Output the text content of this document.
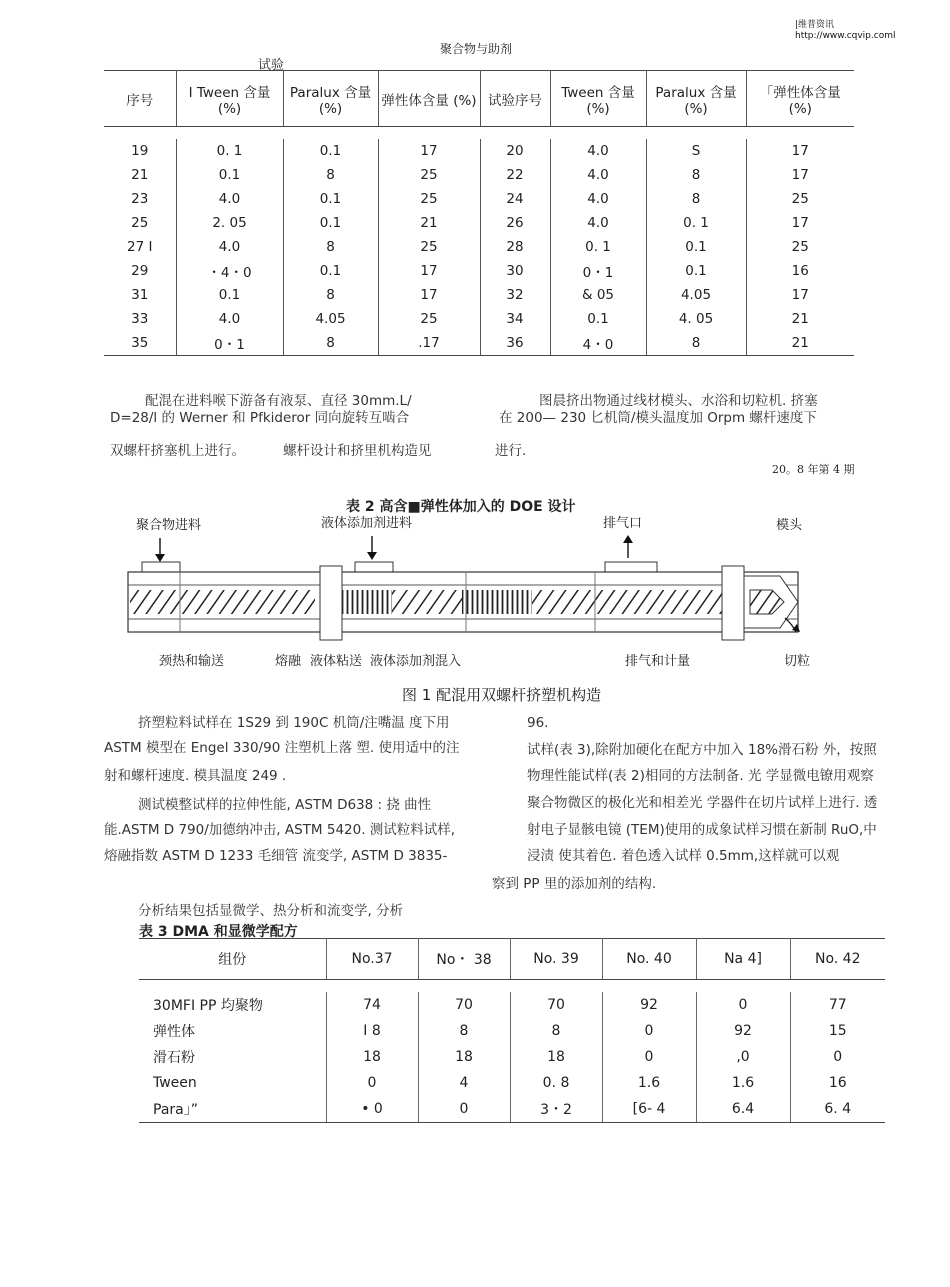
|维普资讯
http://www.cqvip.coml
聚合物与助剂
试验
序号	I Tween 含量 (%)	Paralux 含量 (%)	弹性体含量 (%)	试验序号	Tween 含量 (%)	Paralux 含量 (%)	「弹性体含量 (%)

19	0. 1	0.1	17	20	4.0	S	17
21	0.1	8	25	22	4.0	8	17
23	4.0	0.1	25	24	4.0	8	25
25	2. 05	0.1	21	26	4.0	0. 1	17
27 I	4.0	8	25	28	0. 1	0.1	25
29	・4・0	0.1	17	30	0・1	0.1	16
31	0.1	8	17	32	& 05	4.05	17
33	4.0	4.05	25	34	0.1	4. 05	21
35	0・1	8	.17	36	4・0	8	21
配混在进料喉下游备有液泵、直径 30mm.L/
D=28/l 的 Werner 和 Pfkideror 同向旋转互啮合
双螺杆挤塞机上进行。	螺杆设计和挤里机构造见
图晨挤出物通过线材模头、水浴和切粒机. 挤塞
在 200— 230 匕机筒/模头温度加 Orpm 螺杆速度下
进行.
20。8 年第 4 期
表 2 高含■弹性体加入的 DOE 设计
聚合物进料	液体添加剂进料	排气口	模头
颈热和输送	熔融 液体粘送 液体添加剂混入	排气和计量	切粒
图 1 配混用双螺杆挤塑机构造
挤塑粒料试样在 1S29 到 190C 机筒/注嘴温 度下用
ASTM 模型在 Engel 330/90 注塑机上落 塑. 使用适中的注
射和螺杆速度. 模具温度 249 .
测试模整试样的拉伸性能, ASTM D638 : 挠 曲性
能.ASTM D 790/加德纳冲击, ASTM 5420. 测试粒料试样,
熔融指数 ASTM D 1233 毛细管 流变学, ASTM D 3835-
96.
试样(表 3),除附加硬化在配方中加入 18%滑石粉 外，按照
物理性能试样(表 2)相同的方法制备. 光 学显微电镣用观察
聚合物微区的极化光和相差光 学器件在切片试样上进行. 透
射电子显骸电镜 (TEM)使用的成象试样习惯在新制 RuO,中
浸渍 使其着色. 着色透入试样 0.5mm,这样就可以观
察到 PP 里的添加剂的结构.
分析结果包括显微学、热分析和流变学, 分析
表 3 DMA 和显微学配方
组份	No.37	No・ 38	No. 39	No. 40	Na 4]	No. 42

30MFI PP 均聚物	74	70	70	92	0	77
弹性体	I 8	8	8	0	92	15
滑石粉	18	18	18	0	,0	0
Tween	0	4	0. 8	1.6	1.6	16
Para」”	• 0	0	3・2	[6- 4	6.4	6. 4
